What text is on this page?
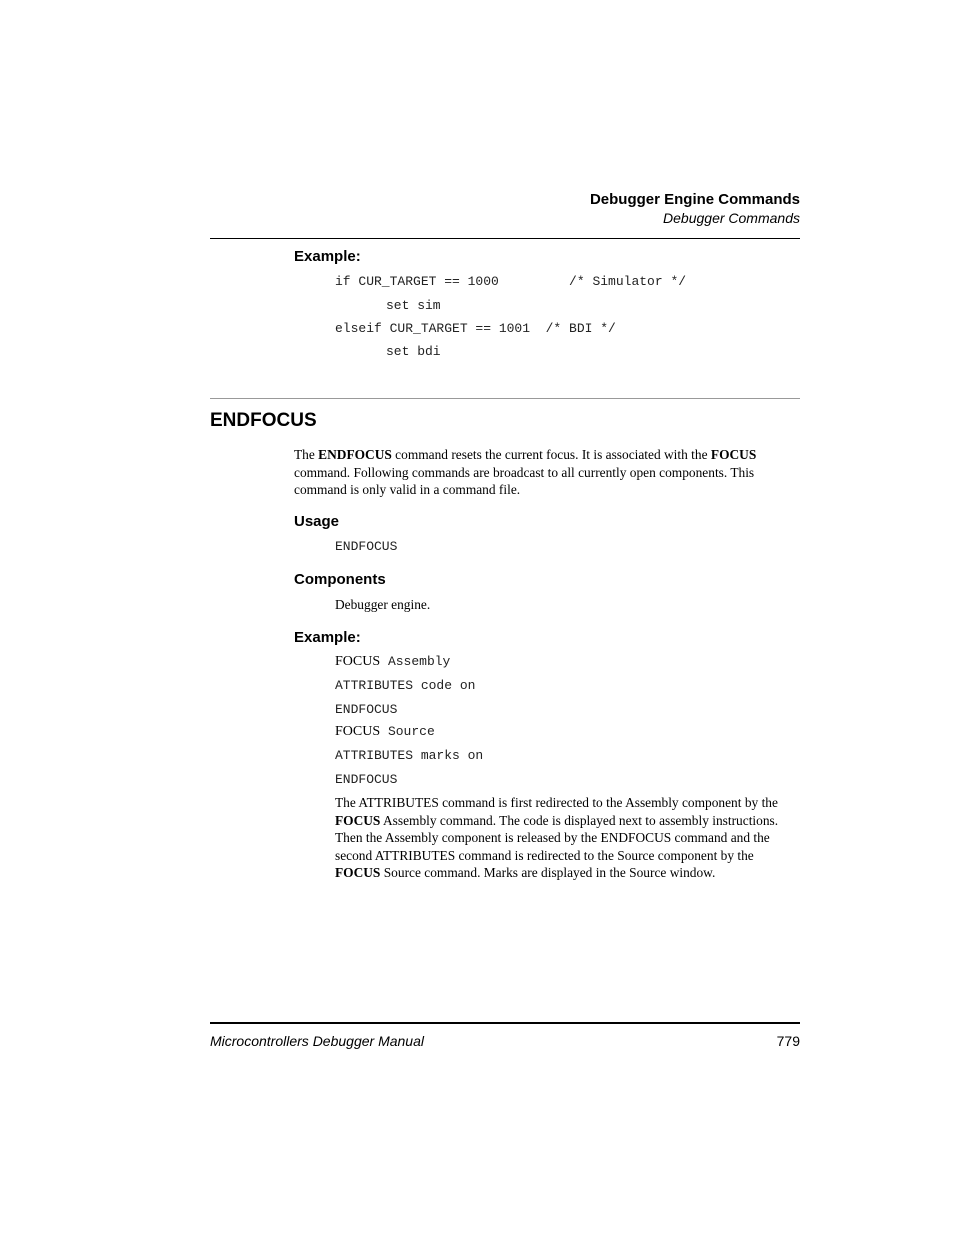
Debugger Engine Commands
Debugger Commands
Example:
if CUR_TARGET == 1000         /* Simulator */
set sim
elseif CUR_TARGET == 1001  /* BDI */
set bdi
ENDFOCUS
The ENDFOCUS command resets the current focus. It is associated with the FOCUS
command. Following commands are broadcast to all currently open components. This
command is only valid in a command file.
Usage
ENDFOCUS
Components
Debugger engine.
Example:
FOCUS Assembly
ATTRIBUTES code on
ENDFOCUS
FOCUS Source
ATTRIBUTES marks on
ENDFOCUS
The ATTRIBUTES command is first redirected to the Assembly component by the
FOCUS Assembly command. The code is displayed next to assembly instructions.
Then the Assembly component is released by the ENDFOCUS command and the
second ATTRIBUTES command is redirected to the Source component by the
FOCUS Source command. Marks are displayed in the Source window.
Microcontrollers Debugger Manual	779
